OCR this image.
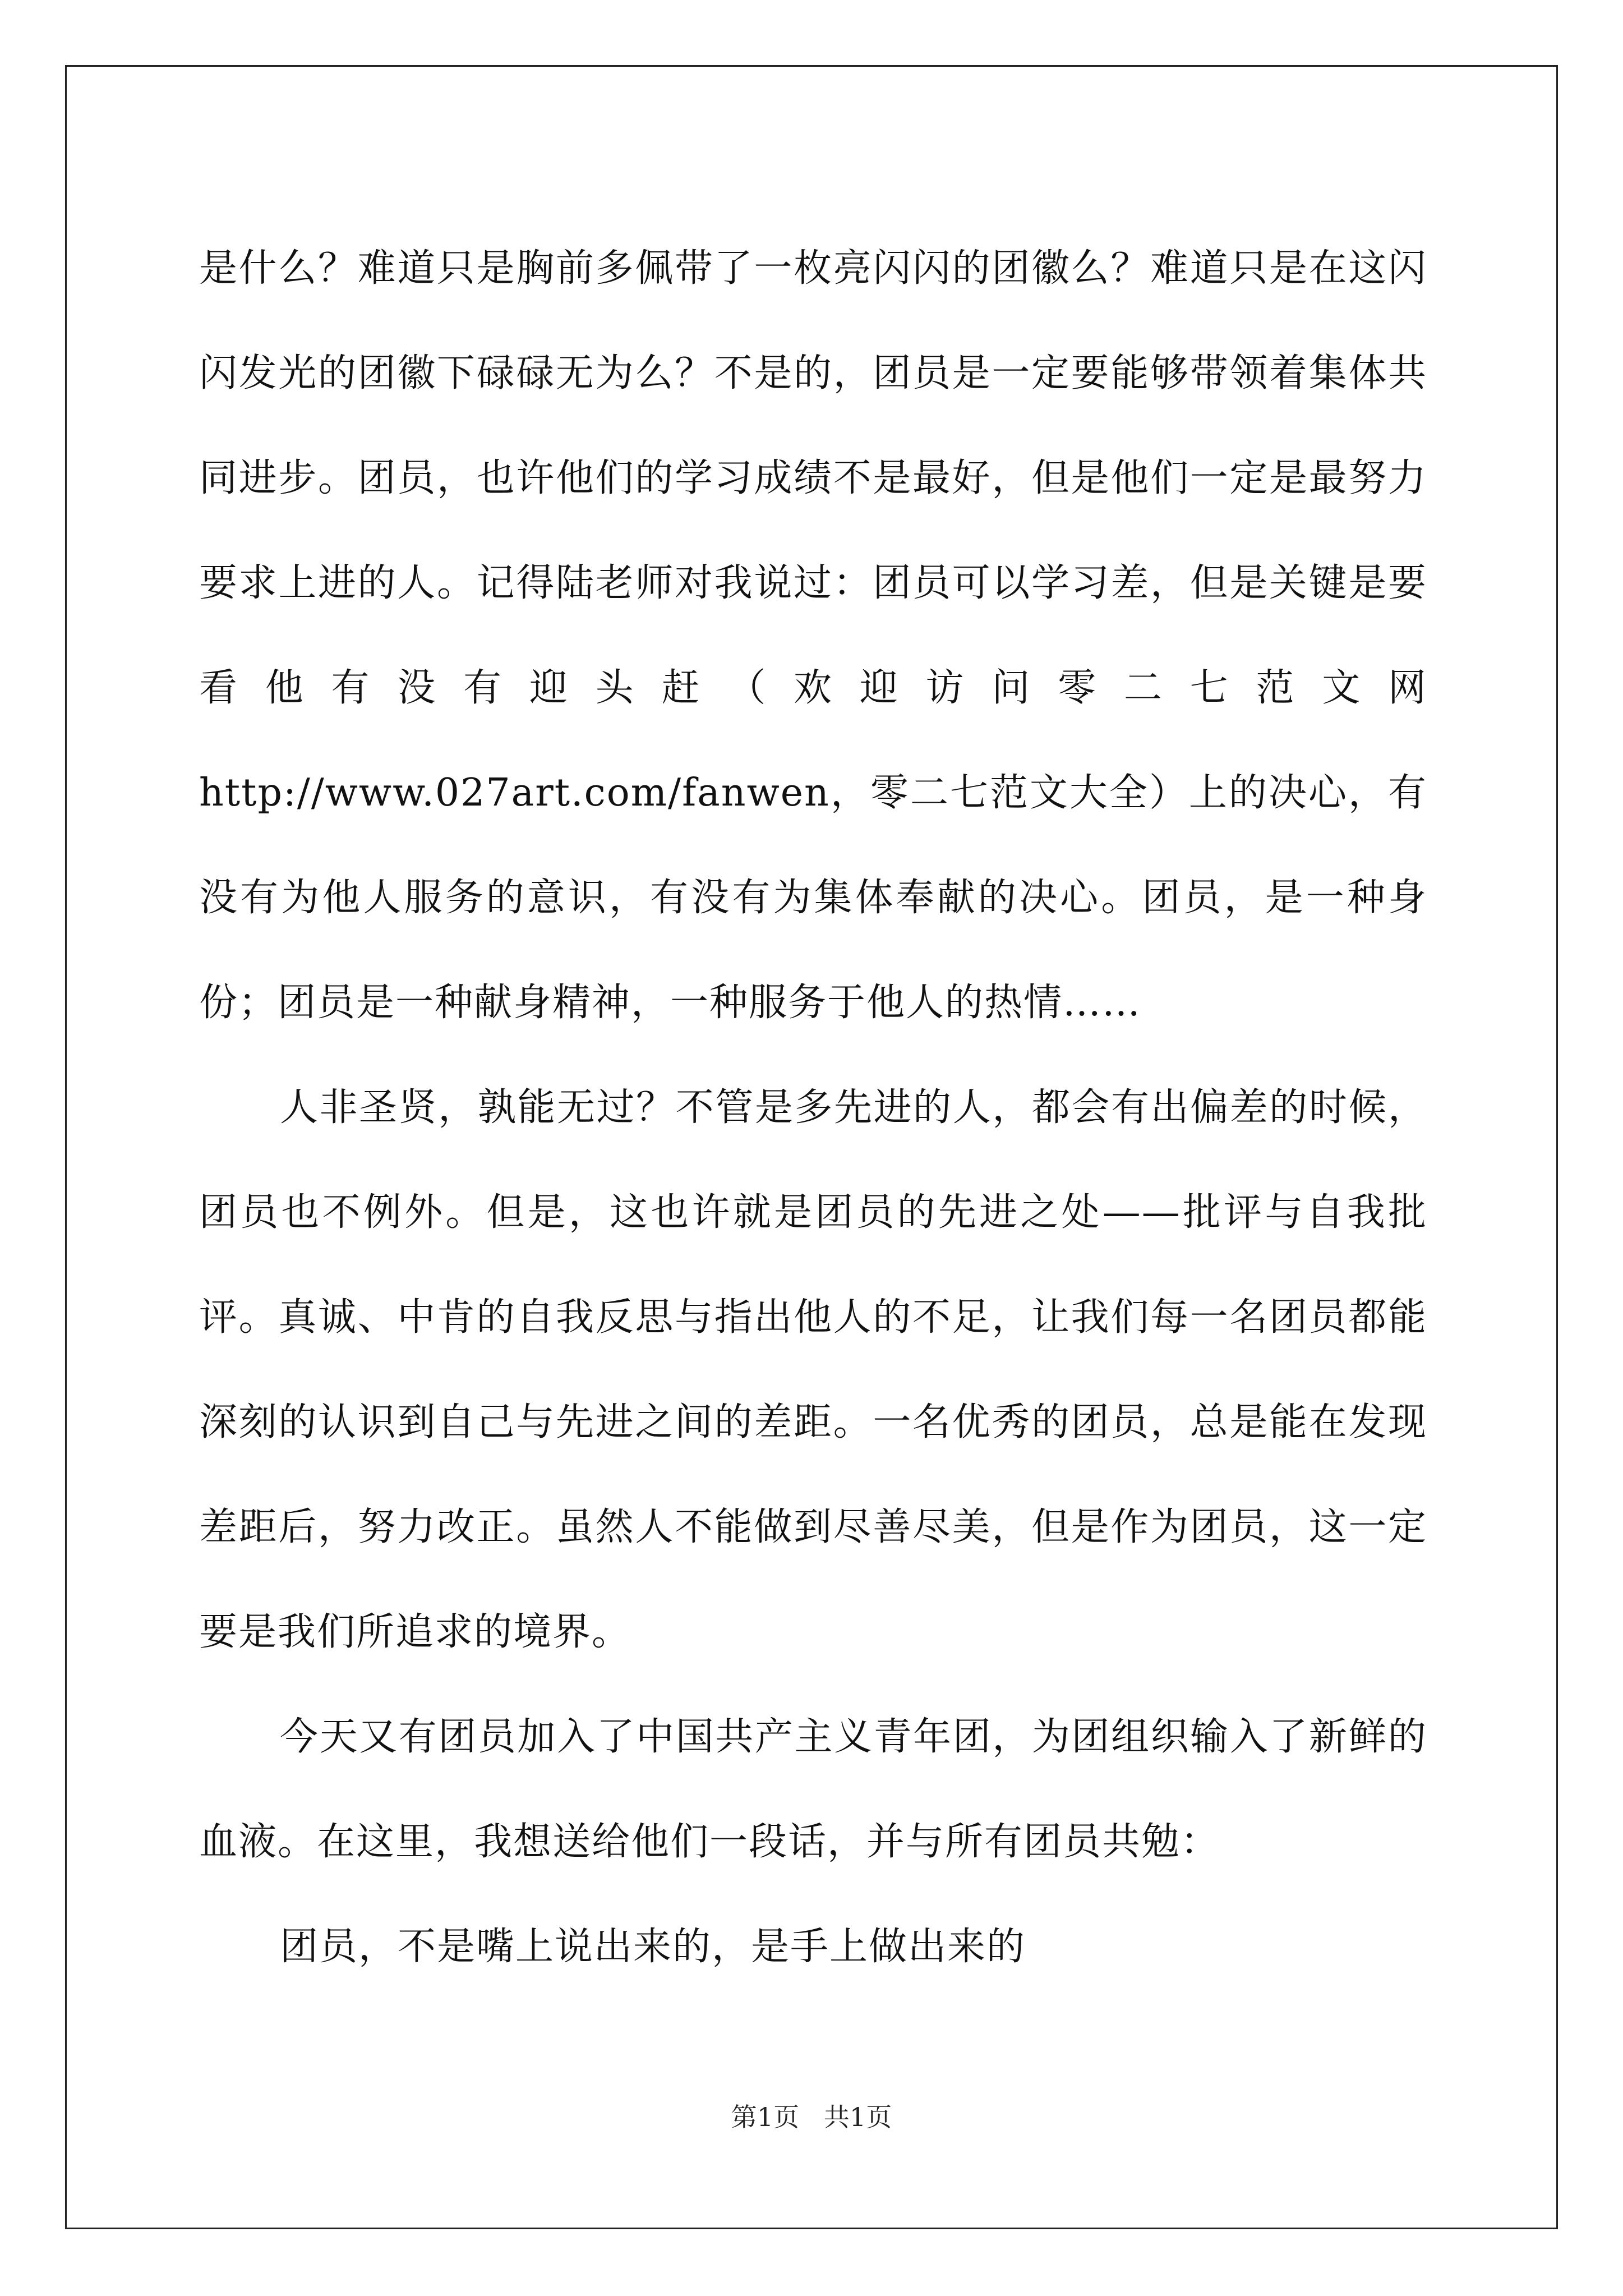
是什么？难道只是胸前多佩带了一枚亮闪闪的团徽么？难道只是在这闪闪发光的团徽下碌碌无为么？不是的，团员是一定要能够带领着集体共同进步。团员，也许他们的学习成绩不是最好，但是他们一定是最努力要求上进的人。记得陆老师对我说过：团员可以学习差，但是关键是要看他有没有迎头赶（欢迎访问零二七范文网http://www.027art.com/fanwen，零二七范文大全）上的决心，有没有为他人服务的意识，有没有为集体奉献的决心。团员，是一种身份；团员是一种献身精神，一种服务于他人的热情……

人非圣贤，孰能无过？不管是多先进的人，都会有出偏差的时候，团员也不例外。但是，这也许就是团员的先进之处——批评与自我批评。真诚、中肯的自我反思与指出他人的不足，让我们每一名团员都能深刻的认识到自己与先进之间的差距。一名优秀的团员，总是能在发现差距后，努力改正。虽然人不能做到尽善尽美，但是作为团员，这一定要是我们所追求的境界。

今天又有团员加入了中国共产主义青年团，为团组织输入了新鲜的血液。在这里，我想送给他们一段话，并与所有团员共勉：

团员，不是嘴上说出来的，是手上做出来的

第1页   共1页
